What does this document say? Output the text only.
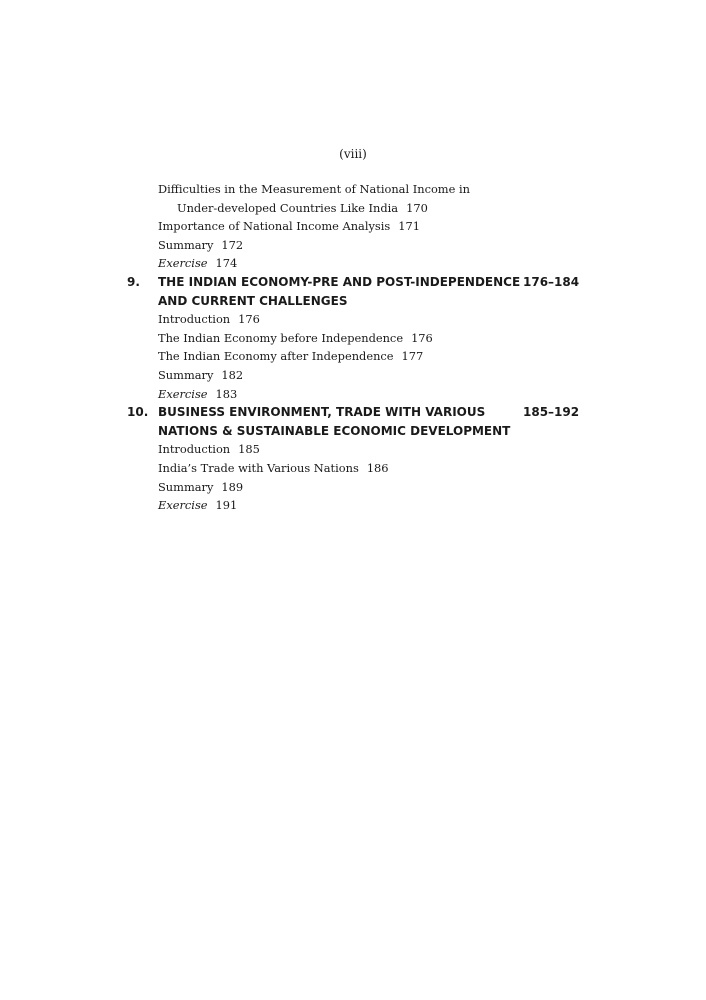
(viii)
Difficulties in the Measurement of National Income in
Under-developed Countries Like India 170
Importance of National Income Analysis 171
Summary 172
Exercise 174
9. THE INDIAN ECONOMY-PRE AND POST-INDEPENDENCE 176–184
AND CURRENT CHALLENGES
Introduction 176
The Indian Economy before Independence 176
The Indian Economy after Independence 177
Summary 182
Exercise 183
10. BUSINESS ENVIRONMENT, TRADE WITH VARIOUS	185–192
NATIONS & SUSTAINABLE ECONOMIC DEVELOPMENT
Introduction 185
India’s Trade with Various Nations 186
Summary 189
Exercise 191
